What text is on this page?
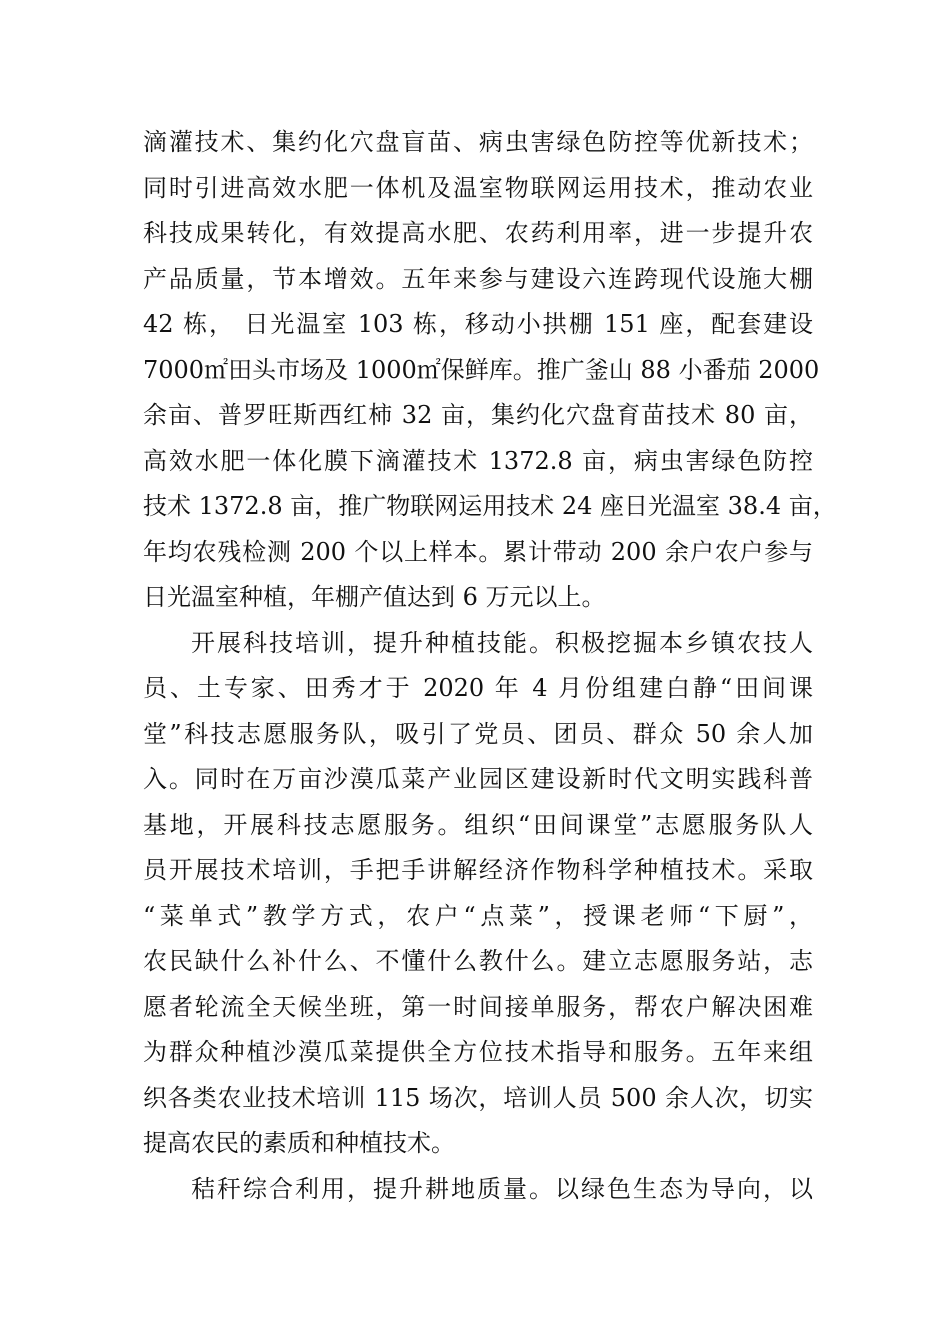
滴灌技术、集约化穴盘盲苗、病虫害绿色防控等优新技术；
同时引进高效水肥一体机及温室物联网运用技术，推动农业
科技成果转化，有效提高水肥、农药利用率，进一步提升农
产品质量，节本增效。五年来参与建设六连跨现代设施大棚
42 栋， 日光温室 103 栋，移动小拱棚 151 座，配套建设
7000㎡田头市场及 1000㎡保鲜库。推广釜山 88 小番茄 2000
余亩、普罗旺斯西红柿 32 亩，集约化穴盘育苗技术 80 亩，
高效水肥一体化膜下滴灌技术 1372.8 亩，病虫害绿色防控
技术 1372.8 亩，推广物联网运用技术 24 座日光温室 38.4 亩，
年均农残检测 200 个以上样本。累计带动 200 余户农户参与
日光温室种植，年棚产值达到 6 万元以上。
开展科技培训，提升种植技能。积极挖掘本乡镇农技人
员、土专家、田秀才于 2020 年 4 月份组建白静“田间课
堂”科技志愿服务队，吸引了党员、团员、群众 50 余人加
入。同时在万亩沙漠瓜菜产业园区建设新时代文明实践科普
基地，开展科技志愿服务。组织“田间课堂”志愿服务队人
员开展技术培训，手把手讲解经济作物科学种植技术。采取
“菜单式”教学方式，农户“点菜”，授课老师“下厨”，
农民缺什么补什么、不懂什么教什么。建立志愿服务站，志
愿者轮流全天候坐班，第一时间接单服务，帮农户解决困难
为群众种植沙漠瓜菜提供全方位技术指导和服务。五年来组
织各类农业技术培训 115 场次，培训人员 500 余人次，切实
提高农民的素质和种植技术。
秸秆综合利用，提升耕地质量。以绿色生态为导向，以
